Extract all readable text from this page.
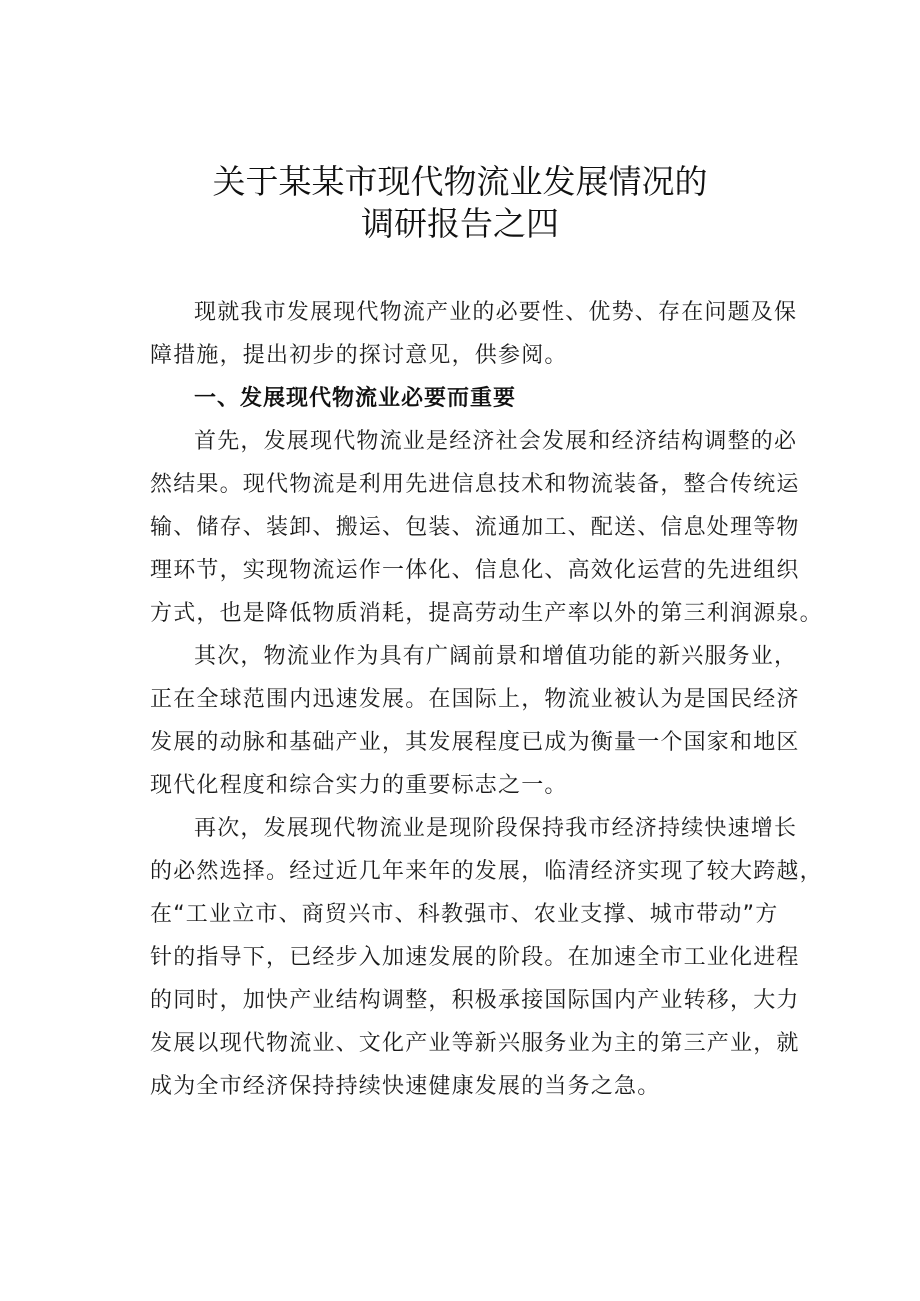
关于某某市现代物流业发展情况的
调研报告之四

现就我市发展现代物流产业的必要性、优势、存在问题及保
障措施，提出初步的探讨意见，供参阅。

一、发展现代物流业必要而重要

首先，发展现代物流业是经济社会发展和经济结构调整的必
然结果。现代物流是利用先进信息技术和物流装备，整合传统运
输、储存、装卸、搬运、包装、流通加工、配送、信息处理等物
理环节，实现物流运作一体化、信息化、高效化运营的先进组织
方式，也是降低物质消耗，提高劳动生产率以外的第三利润源泉。

其次，物流业作为具有广阔前景和增值功能的新兴服务业，
正在全球范围内迅速发展。在国际上，物流业被认为是国民经济
发展的动脉和基础产业，其发展程度已成为衡量一个国家和地区
现代化程度和综合实力的重要标志之一。

再次，发展现代物流业是现阶段保持我市经济持续快速增长
的必然选择。经过近几年来年的发展，临清经济实现了较大跨越，
在“工业立市、商贸兴市、科教强市、农业支撑、城市带动”方
针的指导下，已经步入加速发展的阶段。在加速全市工业化进程
的同时，加快产业结构调整，积极承接国际国内产业转移，大力
发展以现代物流业、文化产业等新兴服务业为主的第三产业，就
成为全市经济保持持续快速健康发展的当务之急。
